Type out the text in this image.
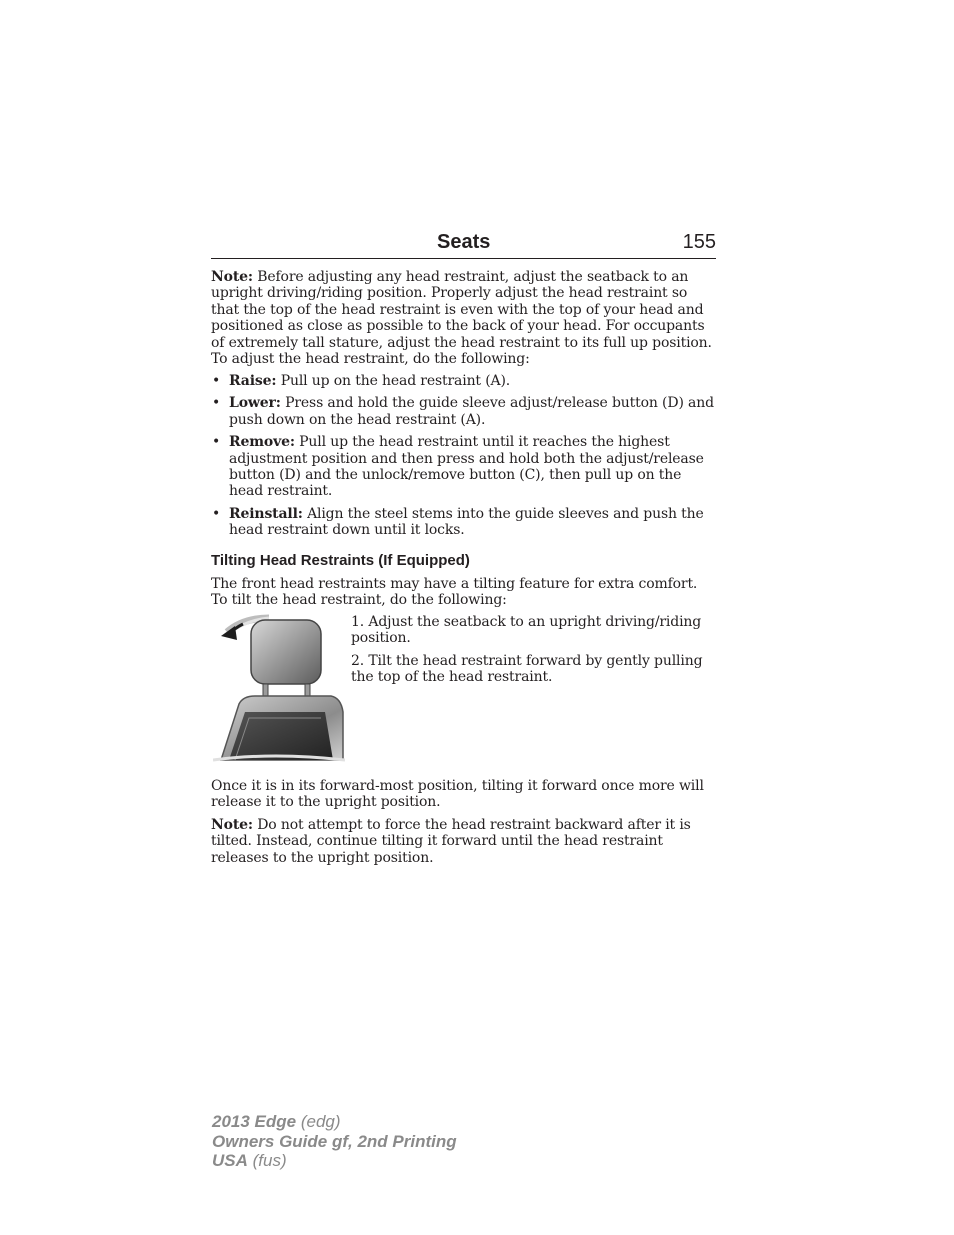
Seats	155

Note: Before adjusting any head restraint, adjust the seatback to an upright driving/riding position. Properly adjust the head restraint so that the top of the head restraint is even with the top of your head and positioned as close as possible to the back of your head. For occupants of extremely tall stature, adjust the head restraint to its full up position. To adjust the head restraint, do the following:

• Raise: Pull up on the head restraint (A).
• Lower: Press and hold the guide sleeve adjust/release button (D) and push down on the head restraint (A).
• Remove: Pull up the head restraint until it reaches the highest adjustment position and then press and hold both the adjust/release button (D) and the unlock/remove button (C), then pull up on the head restraint.
• Reinstall: Align the steel stems into the guide sleeves and push the head restraint down until it locks.
Tilting Head Restraints (If Equipped)

The front head restraints may have a tilting feature for extra comfort. To tilt the head restraint, do the following:

1. Adjust the seatback to an upright driving/riding position.
2. Tilt the head restraint forward by gently pulling the top of the head restraint.

Once it is in its forward-most position, tilting it forward once more will release it to the upright position.

Note: Do not attempt to force the head restraint backward after it is tilted. Instead, continue tilting it forward until the head restraint releases to the upright position.

2013 Edge (edg)
Owners Guide gf, 2nd Printing
USA (fus)
